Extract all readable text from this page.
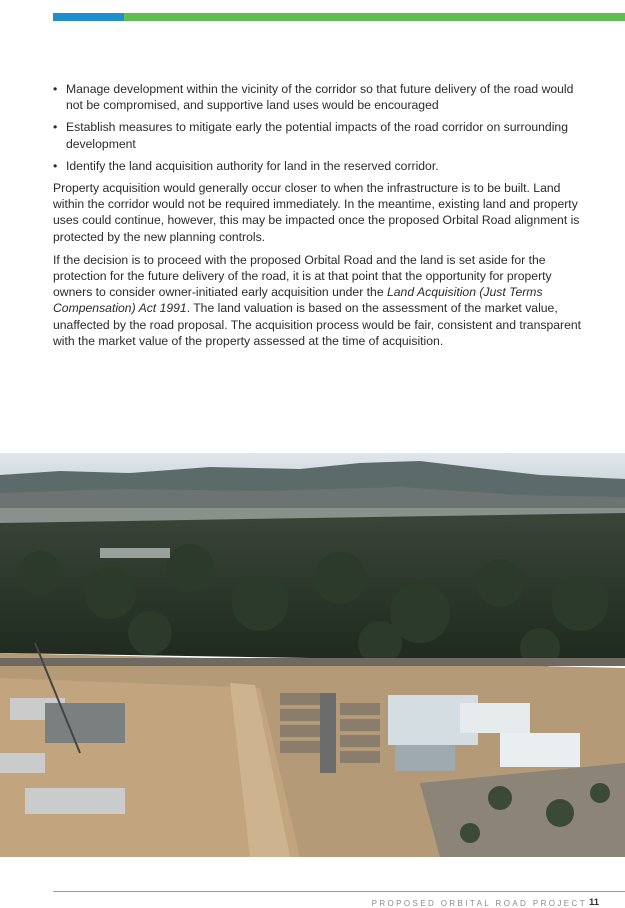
• Manage development within the vicinity of the corridor so that future delivery of the road would not be compromised, and supportive land uses would be encouraged
• Establish measures to mitigate early the potential impacts of the road corridor on surrounding development
• Identify the land acquisition authority for land in the reserved corridor.

Property acquisition would generally occur closer to when the infrastructure is to be built. Land within the corridor would not be required immediately. In the meantime, existing land and property uses could continue, however, this may be impacted once the proposed Orbital Road alignment is protected by the new planning controls.

If the decision is to proceed with the proposed Orbital Road and the land is set aside for the protection for the future delivery of the road, it is at that point that the opportunity for property owners to consider owner-initiated early acquisition under the Land Acquisition (Just Terms Compensation) Act 1991. The land valuation is based on the assessment of the market value, unaffected by the road proposal. The acquisition process would be fair, consistent and transparent with the market value of the property assessed at the time of acquisition.

PROPOSED ORBITAL ROAD PROJECT 11
